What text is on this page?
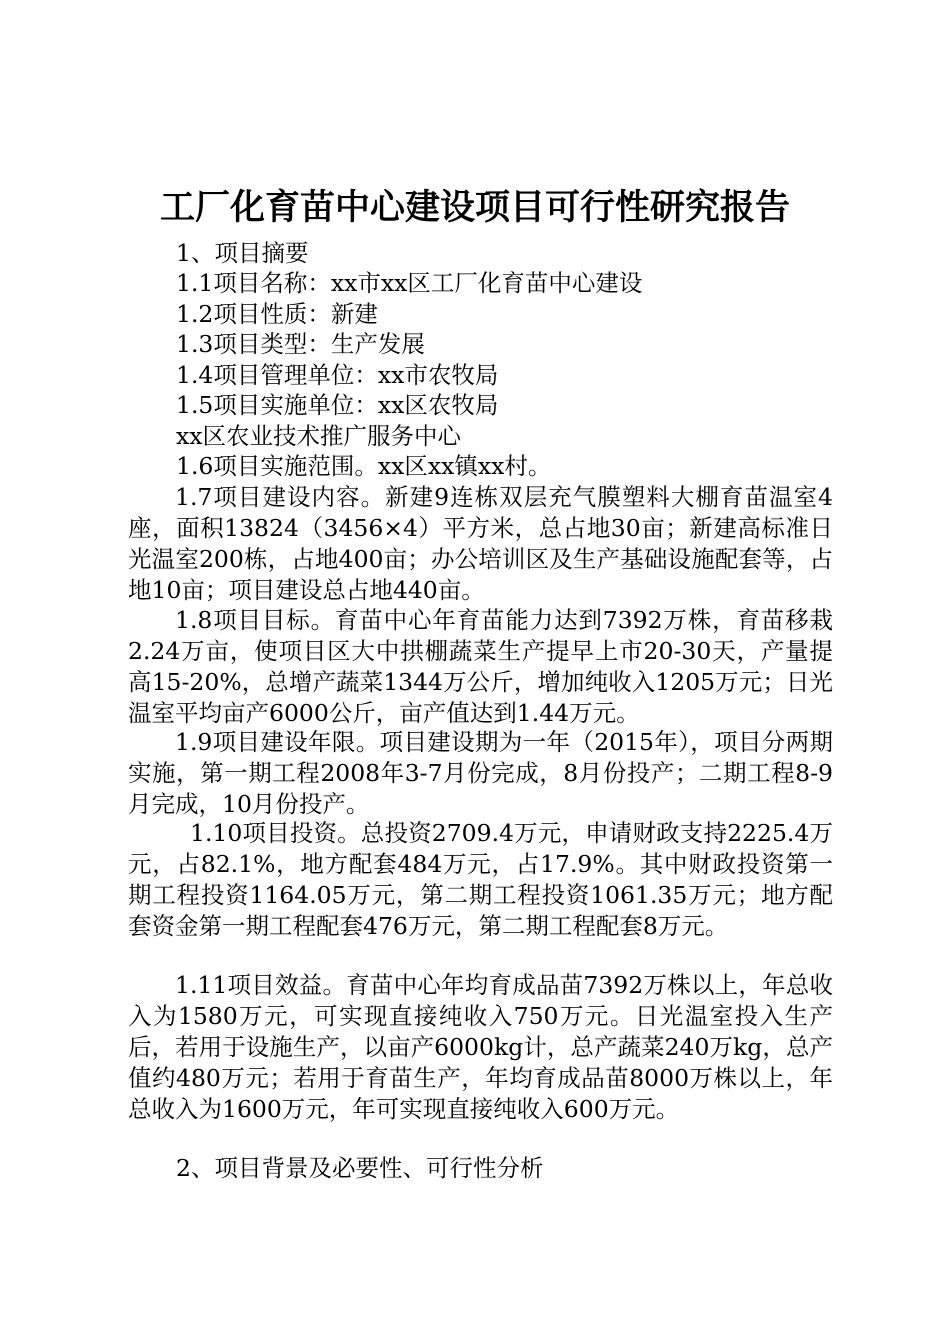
工厂化育苗中心建设项目可行性研究报告
1、项目摘要
1.1项目名称：xx市xx区工厂化育苗中心建设
1.2项目性质：新建
1.3项目类型：生产发展
1.4项目管理单位：xx市农牧局
1.5项目实施单位：xx区农牧局
xx区农业技术推广服务中心
1.6项目实施范围。xx区xx镇xx村。
1.7项目建设内容。新建9连栋双层充气膜塑料大棚育苗温室4座，面积13824（3456×4）平方米，总占地30亩；新建高标准日光温室200栋，占地400亩；办公培训区及生产基础设施配套等，占地10亩；项目建设总占地440亩。
1.8项目目标。育苗中心年育苗能力达到7392万株，育苗移栽2.24万亩，使项目区大中拱棚蔬菜生产提早上市20-30天，产量提高15-20%，总增产蔬菜1344万公斤，增加纯收入1205万元；日光温室平均亩产6000公斤，亩产值达到1.44万元。
1.9项目建设年限。项目建设期为一年（2015年），项目分两期实施，第一期工程2008年3-7月份完成，8月份投产；二期工程8-9月完成，10月份投产。
1.10项目投资。总投资2709.4万元，申请财政支持2225.4万元，占82.1%，地方配套484万元，占17.9%。其中财政投资第一期工程投资1164.05万元，第二期工程投资1061.35万元；地方配套资金第一期工程配套476万元，第二期工程配套8万元。
1.11项目效益。育苗中心年均育成品苗7392万株以上，年总收入为1580万元，可实现直接纯收入750万元。日光温室投入生产后，若用于设施生产，以亩产6000kg计，总产蔬菜240万kg，总产值约480万元；若用于育苗生产，年均育成品苗8000万株以上，年总收入为1600万元，年可实现直接纯收入600万元。
2、项目背景及必要性、可行性分析
